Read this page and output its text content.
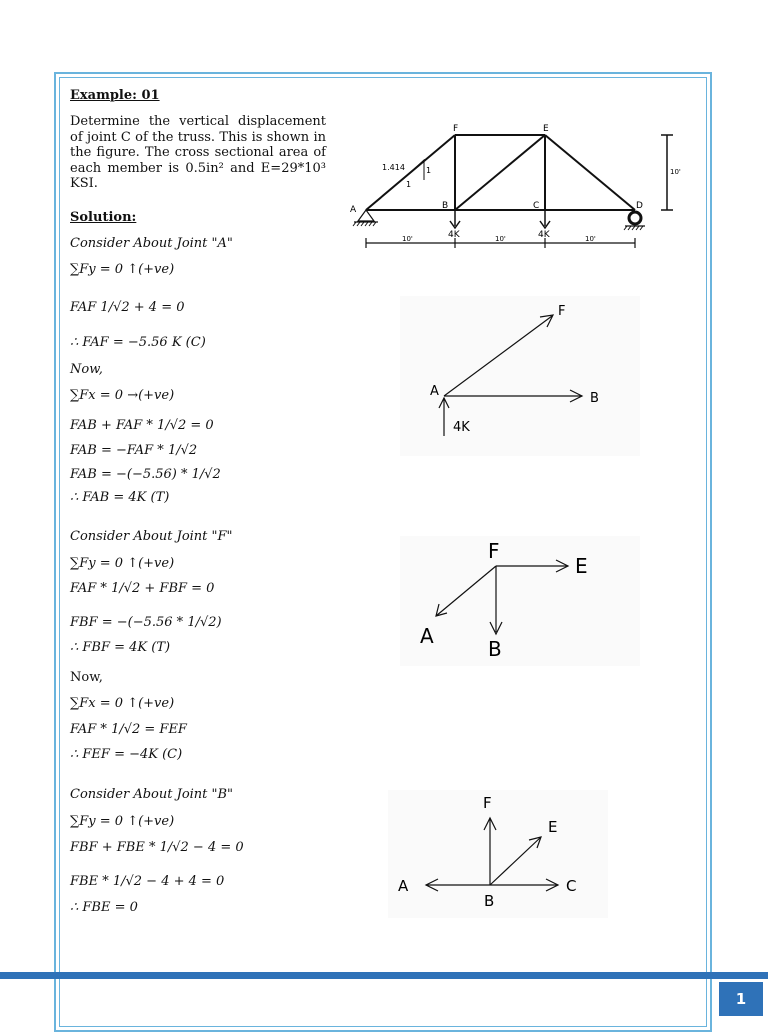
Example: 01
Determine the vertical displacement of joint C of the truss. This is shown in the figure. The cross sectional area of each member is 0.5in² and E=29*10³ KSI.
Solution:
Consider About Joint "A"
∑Fy = 0 ↑(+ve)
FAF 1/√2 + 4 = 0
∴ FAF = −5.56 K (C)
Now,
∑Fx = 0 →(+ve)
FAB + FAF * 1/√2 = 0
FAB = −FAF * 1/√2
FAB = −(−5.56) * 1/√2
∴ FAB = 4K (T)
Consider About Joint "F"
∑Fy = 0 ↑(+ve)
FAF * 1/√2 + FBF = 0
FBF = −(−5.56 * 1/√2)
∴ FBF = 4K (T)
Now,
∑Fx = 0 ↑(+ve)
FAF * 1/√2 = FEF
∴ FEF = −4K (C)
Consider About Joint "B"
∑Fy = 0 ↑(+ve)
FBF + FBE * 1/√2 − 4 = 0
FBE * 1/√2 − 4 + 4 = 0
∴ FBE = 0
1.414	1
1
4K	4K
A	B	C	D
E
F
10'
10'	10'	10'
A
F
B
4K
F
E
A
B
F
E
A
B
C
1
